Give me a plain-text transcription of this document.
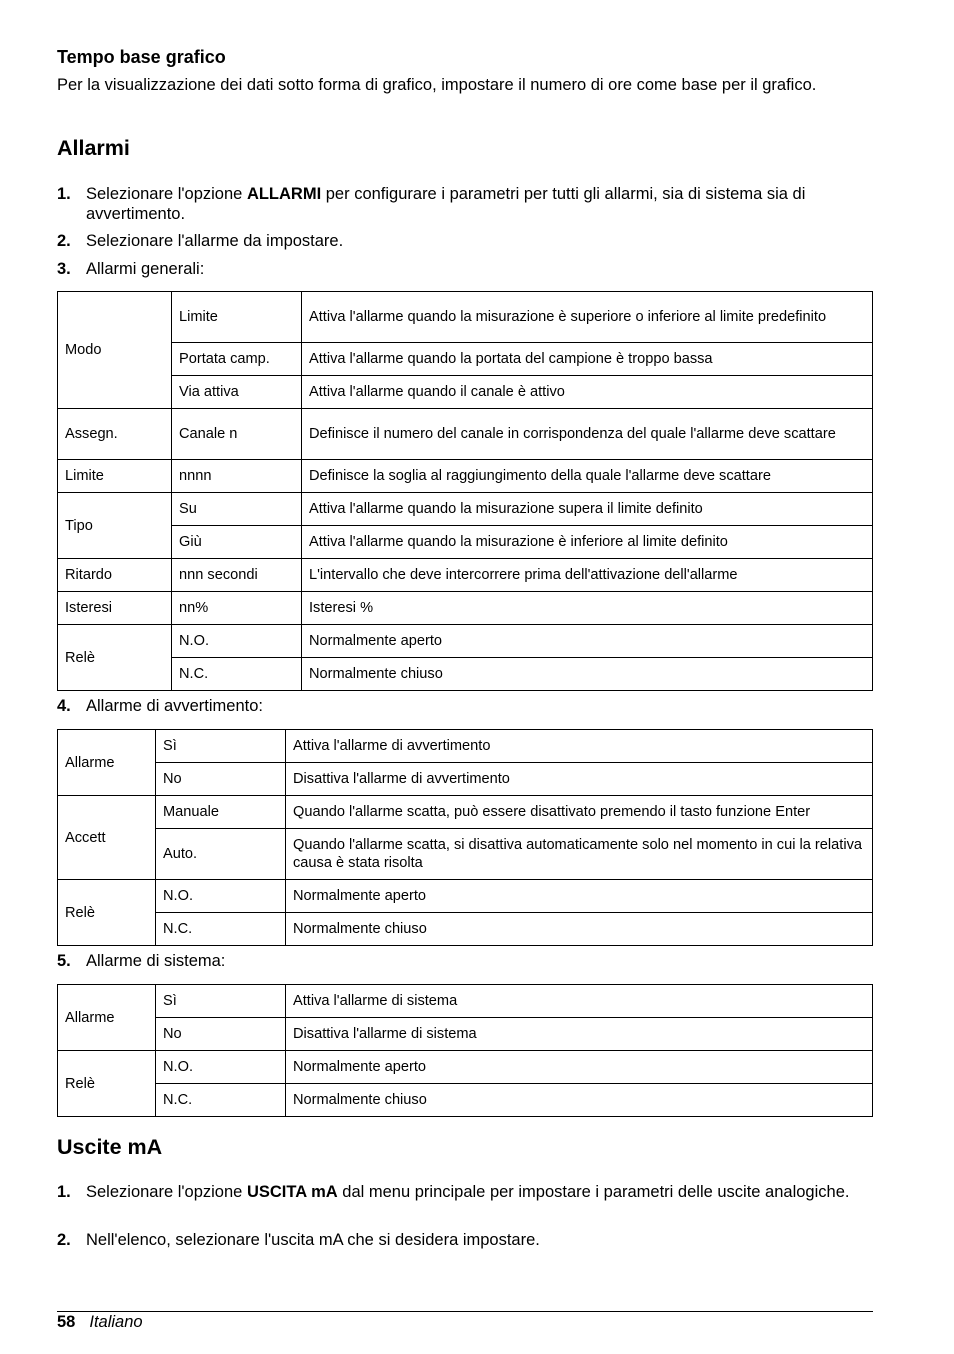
Tempo base grafico
Per la visualizzazione dei dati sotto forma di grafico, impostare il numero di ore come base per il grafico.
Allarmi
1. Selezionare l'opzione ALLARMI per configurare i parametri per tutti gli allarmi, sia di sistema sia di avvertimento.
2. Selezionare l'allarme da impostare.
3. Allarmi generali:
Modo	Limite	Attiva l'allarme quando la misurazione è superiore o inferiore al limite predefinito
	Portata camp.	Attiva l'allarme quando la portata del campione è troppo bassa
	Via attiva	Attiva l'allarme quando il canale è attivo
Assegn.	Canale n	Definisce il numero del canale in corrispondenza del quale l'allarme deve scattare
Limite	nnnn	Definisce la soglia al raggiungimento della quale l'allarme deve scattare
Tipo	Su	Attiva l'allarme quando la misurazione supera il limite definito
	Giù	Attiva l'allarme quando la misurazione è inferiore al limite definito
Ritardo	nnn secondi	L'intervallo che deve intercorrere prima dell'attivazione dell'allarme
Isteresi	nn%	Isteresi %
Relè	N.O.	Normalmente aperto
	N.C.	Normalmente chiuso
4. Allarme di avvertimento:
Allarme	Sì	Attiva l'allarme di avvertimento
	No	Disattiva l'allarme di avvertimento
Accett	Manuale	Quando l'allarme scatta, può essere disattivato premendo il tasto funzione Enter
	Auto.	Quando l'allarme scatta, si disattiva automaticamente solo nel momento in cui la relativa causa è stata risolta
Relè	N.O.	Normalmente aperto
	N.C.	Normalmente chiuso
5. Allarme di sistema:
Allarme	Sì	Attiva l'allarme di sistema
	No	Disattiva l'allarme di sistema
Relè	N.O.	Normalmente aperto
	N.C.	Normalmente chiuso
Uscite mA
1. Selezionare l'opzione USCITA mA dal menu principale per impostare i parametri delle uscite analogiche.
2. Nell'elenco, selezionare l'uscita mA che si desidera impostare.
58 Italiano
